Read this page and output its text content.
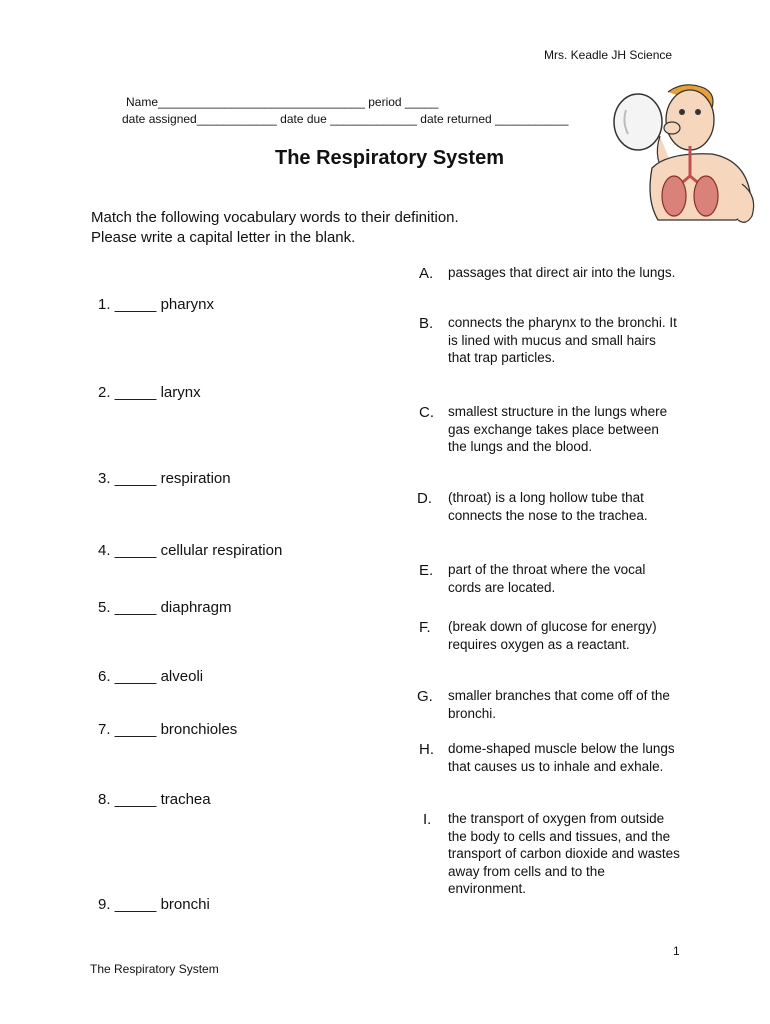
Mrs. Keadle JH Science
Name_______________________________ period _____
date assigned____________ date due _____________ date returned ___________
The Respiratory System
Match the following vocabulary words to their definition.
Please write a capital letter in the blank.
1. _____ pharynx
2. _____ larynx
3. _____ respiration
4. _____ cellular respiration
5. _____ diaphragm
6. _____ alveoli
7. _____ bronchioles
8. _____ trachea
9. _____ bronchi
A. passages that direct air into the lungs.
B. connects the pharynx to the bronchi. It is lined with mucus and small hairs that trap particles.
C. smallest structure in the lungs where gas exchange takes place between the lungs and the blood.
D. (throat) is a long hollow tube that connects the nose to the trachea.
E. part of the throat where the vocal cords are located.
F. (break down of glucose for energy) requires oxygen as a reactant.
G. smaller branches that come off of the bronchi.
H. dome-shaped muscle below the lungs that causes us to inhale and exhale.
I. the transport of oxygen from outside the body to cells and tissues, and the transport of carbon dioxide and wastes away from cells and to the environment.
1
The Respiratory System
